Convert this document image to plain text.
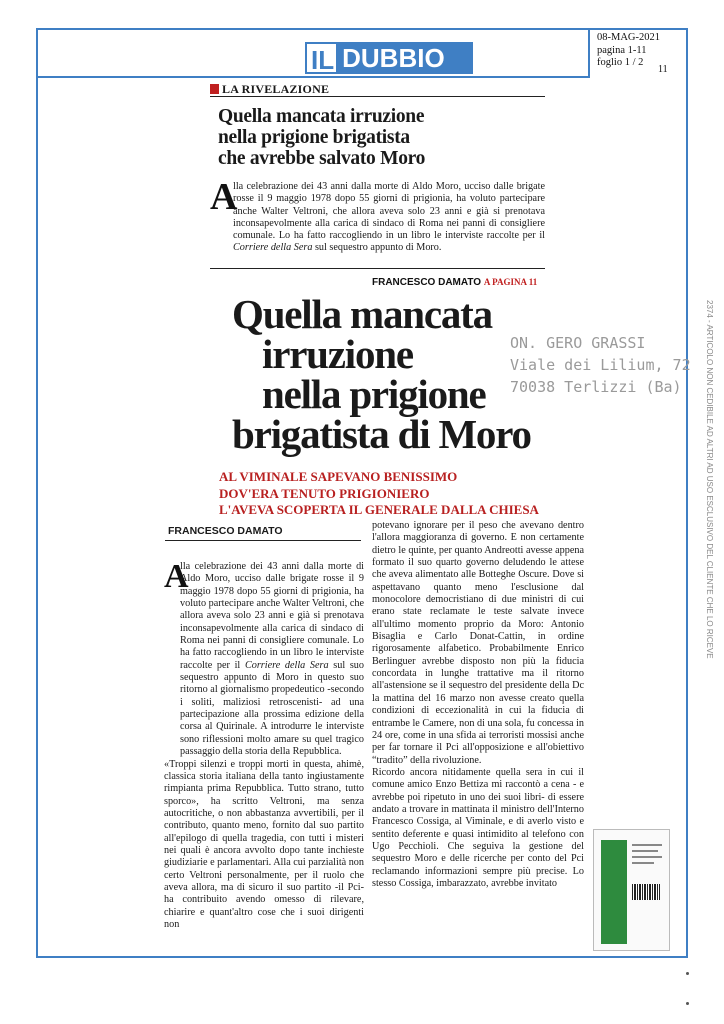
IL DUBBIO
08-MAG-2021
pagina 1-11
foglio 1 / 2
11
LA RIVELAZIONE
Quella mancata irruzione
nella prigione brigatista
che avrebbe salvato Moro
A
lla celebrazione dei 43 anni dalla morte di Aldo Moro, ucciso dalle brigate rosse il 9 maggio 1978 dopo 55 giorni di prigionia, ha voluto partecipare anche Walter Veltroni, che allora aveva solo 23 anni e già si prenotava inconsapevolmente alla carica di sindaco di Roma nei panni di consigliere comunale. Lo ha fatto raccogliendo in un libro le interviste raccolte per il Corriere della Sera sul sequestro appunto di Moro.
FRANCESCO DAMATO A PAGINA 11
Quella mancata
irruzione
nella prigione
brigatista di Moro
ON. GERO GRASSI
Viale dei Lilium, 72
70038 Terlizzi (Ba)
AL VIMINALE SAPEVANO BENISSIMO
DOV'ERA TENUTO PRIGIONIERO
L'AVEVA SCOPERTA IL GENERALE DALLA CHIESA
FRANCESCO DAMATO
A

lla celebrazione dei 43 anni dalla morte di Aldo Moro, ucciso dalle brigate rosse il 9 maggio 1978 dopo 55 giorni di prigionia, ha voluto partecipare anche Walter Veltroni, che allora aveva solo 23 anni e già si prenotava inconsapevolmente alla carica di sindaco di Roma nei panni di consigliere comunale. Lo ha fatto raccogliendo in un libro le interviste raccolte per il Corriere della Sera sul suo sequestro appunto di Moro in questo suo ritorno al giornalismo propedeutico -secondo i soliti, maliziosi retroscenisti- ad una partecipazione alla prossima edizione della corsa al Quirinale. A introdurre le interviste sono riflessioni molto amare su quel tragico passaggio della storia della Repubblica.

«Troppi silenzi e troppi morti in questa, ahimè, classica storia italiana della tanto ingiustamente rimpianta prima Repubblica. Tutto strano, tutto sporco», ha scritto Veltroni, ma senza autocritiche, o non abbastanza avvertibili, per il contributo, quanto meno, fornito dal suo partito all'epilogo di quella tragedia, con tutti i misteri nei quali è ancora avvolto dopo tante inchieste giudiziarie e parlamentari. Alla cui parzialità non certo Veltroni personalmente, per il ruolo che aveva allora, ma di sicuro il suo partito -il Pci- ha contribuito avendo omesso di rilevare, chiarire e quant'altro cose che i suoi dirigenti non

potevano ignorare per il peso che avevano dentro l'allora maggioranza di governo. E non certamente dietro le quinte, per quanto Andreotti avesse appena formato il suo quarto governo deludendo le attese che aveva alimentato alle Botteghe Oscure. Dove si aspettavano quanto meno l'esclusione dal monocolore democristiano di due ministri di cui erano state reclamate le teste salvate invece all'ultimo momento proprio da Moro: Antonio Bisaglia e Carlo Donat-Cattin, in ordine rigorosamente alfabetico. Probabilmente Enrico Berlinguer avrebbe disposto non più la fiducia concordata in lunghe trattative ma il ritorno all'astensione se il sequestro del presidente della Dc la mattina del 16 marzo non avesse creato quella condizioni di eccezionalità in cui la fiducia di entrambe le Camere, non di una sola, fu concessa in 24 ore, come in una sfida ai terroristi mossisi anche per far tornare il Pci all'opposizione e all'obiettivo “tradito” della rivoluzione.

Ricordo ancora nitidamente quella sera in cui il comune amico Enzo Bettiza mi raccontò a cena - e avrebbe poi ripetuto in uno dei suoi libri- di essere andato a trovare in mattinata il ministro dell'Interno Francesco Cossiga, al Viminale, e di averlo visto e sentito deferente e quasi intimidito al telefono con Ugo Pecchioli. Che seguiva la gestione del sequestro Moro e delle ricerche per conto del Pci reclamando informazioni sempre più precise. Lo stesso Cossiga, imbarazzato, avrebbe invitato

2374 - ARTICOLO NON CEDIBILE AD ALTRI AD USO ESCLUSIVO DEL CLIENTE CHE LO RICEVE
